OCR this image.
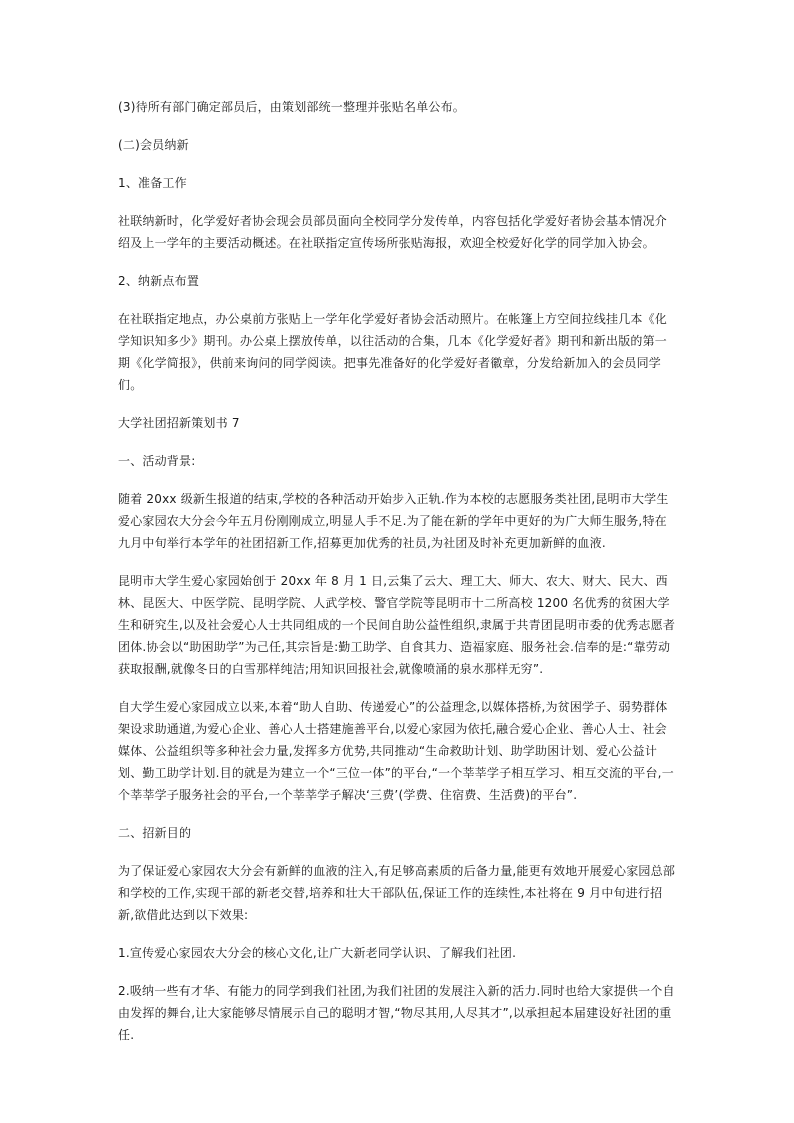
(3)待所有部门确定部员后，由策划部统一整理并张贴名单公布。

(二)会员纳新

1、准备工作

社联纳新时，化学爱好者协会现会员部员面向全校同学分发传单，内容包括化学爱好者协会基本情况介绍及上一学年的主要活动概述。在社联指定宣传场所张贴海报，欢迎全校爱好化学的同学加入协会。

2、纳新点布置

在社联指定地点，办公桌前方张贴上一学年化学爱好者协会活动照片。在帐篷上方空间拉线挂几本《化学知识知多少》期刊。办公桌上摆放传单，以往活动的合集，几本《化学爱好者》期刊和新出版的第一期《化学简报》，供前来询问的同学阅读。把事先准备好的化学爱好者徽章，分发给新加入的会员同学们。

大学社团招新策划书 7

一、活动背景:

随着 20xx 级新生报道的结束,学校的各种活动开始步入正轨.作为本校的志愿服务类社团,昆明市大学生爱心家园农大分会今年五月份刚刚成立,明显人手不足.为了能在新的学年中更好的为广大师生服务,特在九月中旬举行本学年的社团招新工作,招募更加优秀的社员,为社团及时补充更加新鲜的血液.

昆明市大学生爱心家园始创于 20xx 年 8 月 1 日,云集了云大、理工大、师大、农大、财大、民大、西林、昆医大、中医学院、昆明学院、人武学校、警官学院等昆明市十二所高校 1200 名优秀的贫困大学生和研究生,以及社会爱心人士共同组成的一个民间自助公益性组织,隶属于共青团昆明市委的优秀志愿者团体.协会以“助困助学”为己任,其宗旨是:勤工助学、自食其力、造福家庭、服务社会.信奉的是:“靠劳动获取报酬,就像冬日的白雪那样纯洁;用知识回报社会,就像喷涌的泉水那样无穷”.

自大学生爱心家园成立以来,本着“助人自助、传递爱心”的公益理念,以媒体搭桥,为贫困学子、弱势群体架设求助通道,为爱心企业、善心人士搭建施善平台,以爱心家园为依托,融合爱心企业、善心人士、社会媒体、公益组织等多种社会力量,发挥多方优势,共同推动“生命救助计划、助学助困计划、爱心公益计划、勤工助学计划.目的就是为建立一个“三位一体”的平台,“一个莘莘学子相互学习、相互交流的平台,一个莘莘学子服务社会的平台,一个莘莘学子解决‘三费’(学费、住宿费、生活费)的平台”.

二、招新目的

为了保证爱心家园农大分会有新鲜的血液的注入,有足够高素质的后备力量,能更有效地开展爱心家园总部和学校的工作,实现干部的新老交替,培养和壮大干部队伍,保证工作的连续性,本社将在 9 月中旬进行招新,欲借此达到以下效果:

1.宣传爱心家园农大分会的核心文化,让广大新老同学认识、了解我们社团.

2.吸纳一些有才华、有能力的同学到我们社团,为我们社团的发展注入新的活力.同时也给大家提供一个自由发挥的舞台,让大家能够尽情展示自己的聪明才智,“物尽其用,人尽其才”,以承担起本届建设好社团的重任.
